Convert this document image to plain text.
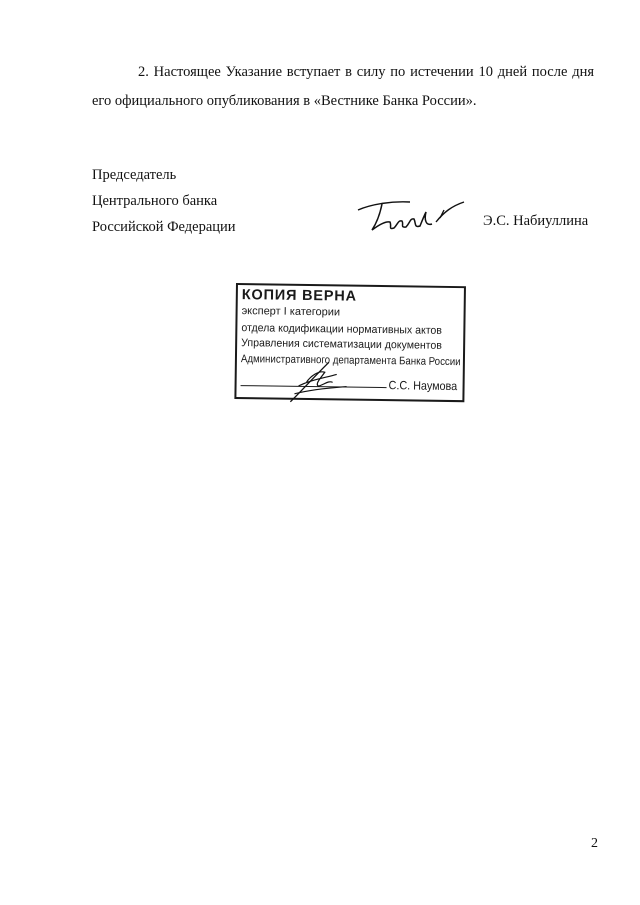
2. Настоящее Указание вступает в силу по истечении 10 дней после дня его официального опубликования в «Вестнике Банка России».

Председатель
Центрального банка
Российской Федерации	Э.С. Набиуллина
КОПИЯ ВЕРНА
эксперт I категории
отдела кодификации нормативных актов
Управления систематизации документов
Административного департамента Банка России
С.С. Наумова
2
